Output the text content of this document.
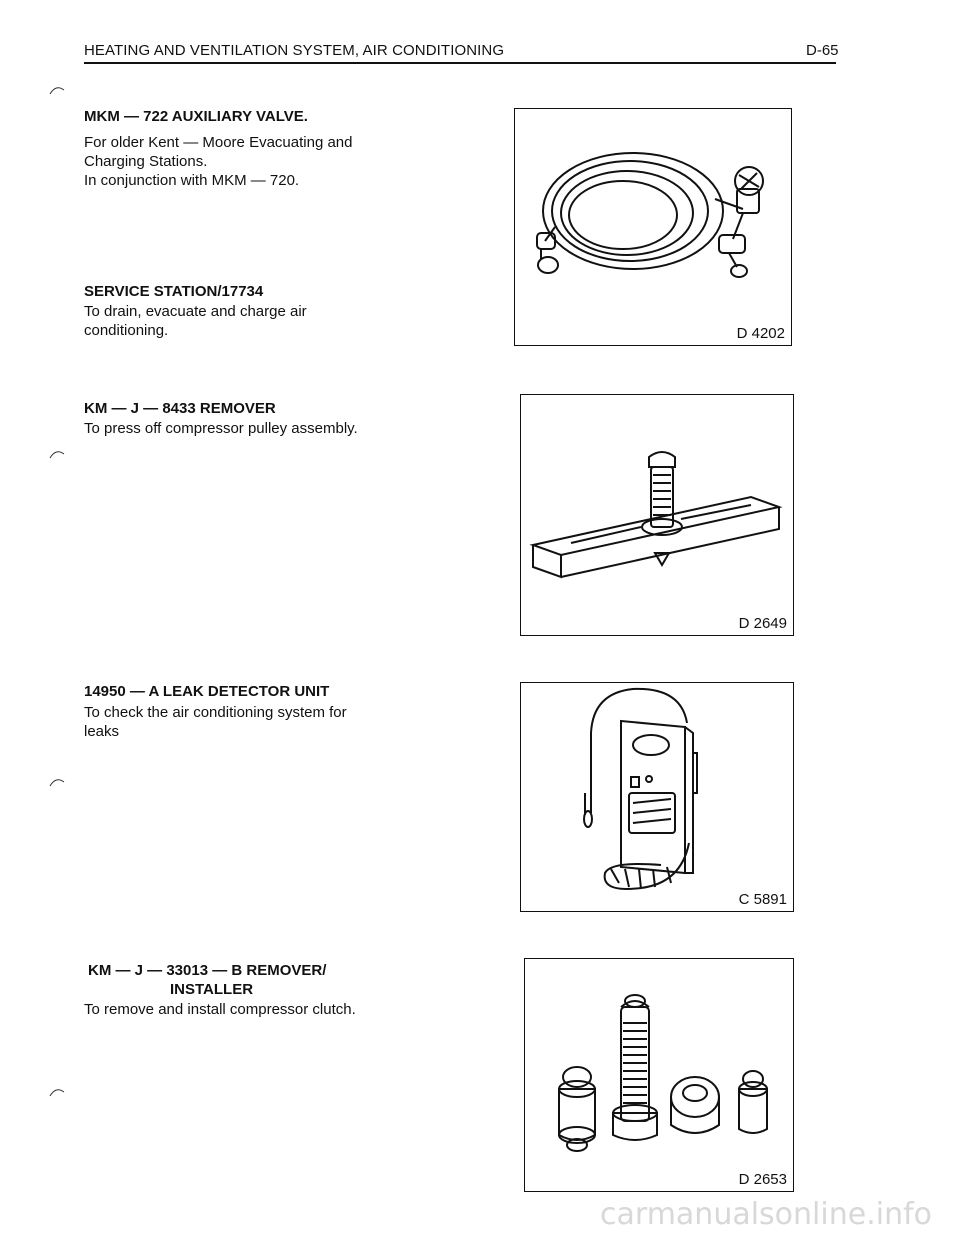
HEATING AND VENTILATION SYSTEM, AIR CONDITIONING	D-65
MKM — 722 AUXILIARY VALVE.
For older Kent — Moore Evacuating and
Charging Stations.
In conjunction with MKM — 720.
SERVICE STATION/17734
To drain, evacuate and charge air
conditioning.
KM — J — 8433 REMOVER
To press off compressor pulley assembly.
14950 — A LEAK DETECTOR UNIT
To check the air conditioning system for
leaks
KM — J — 33013 — B REMOVER/
INSTALLER
To remove and install compressor clutch.
D 4202
D 2649
C 5891
D 2653
carmanualsonline.info
